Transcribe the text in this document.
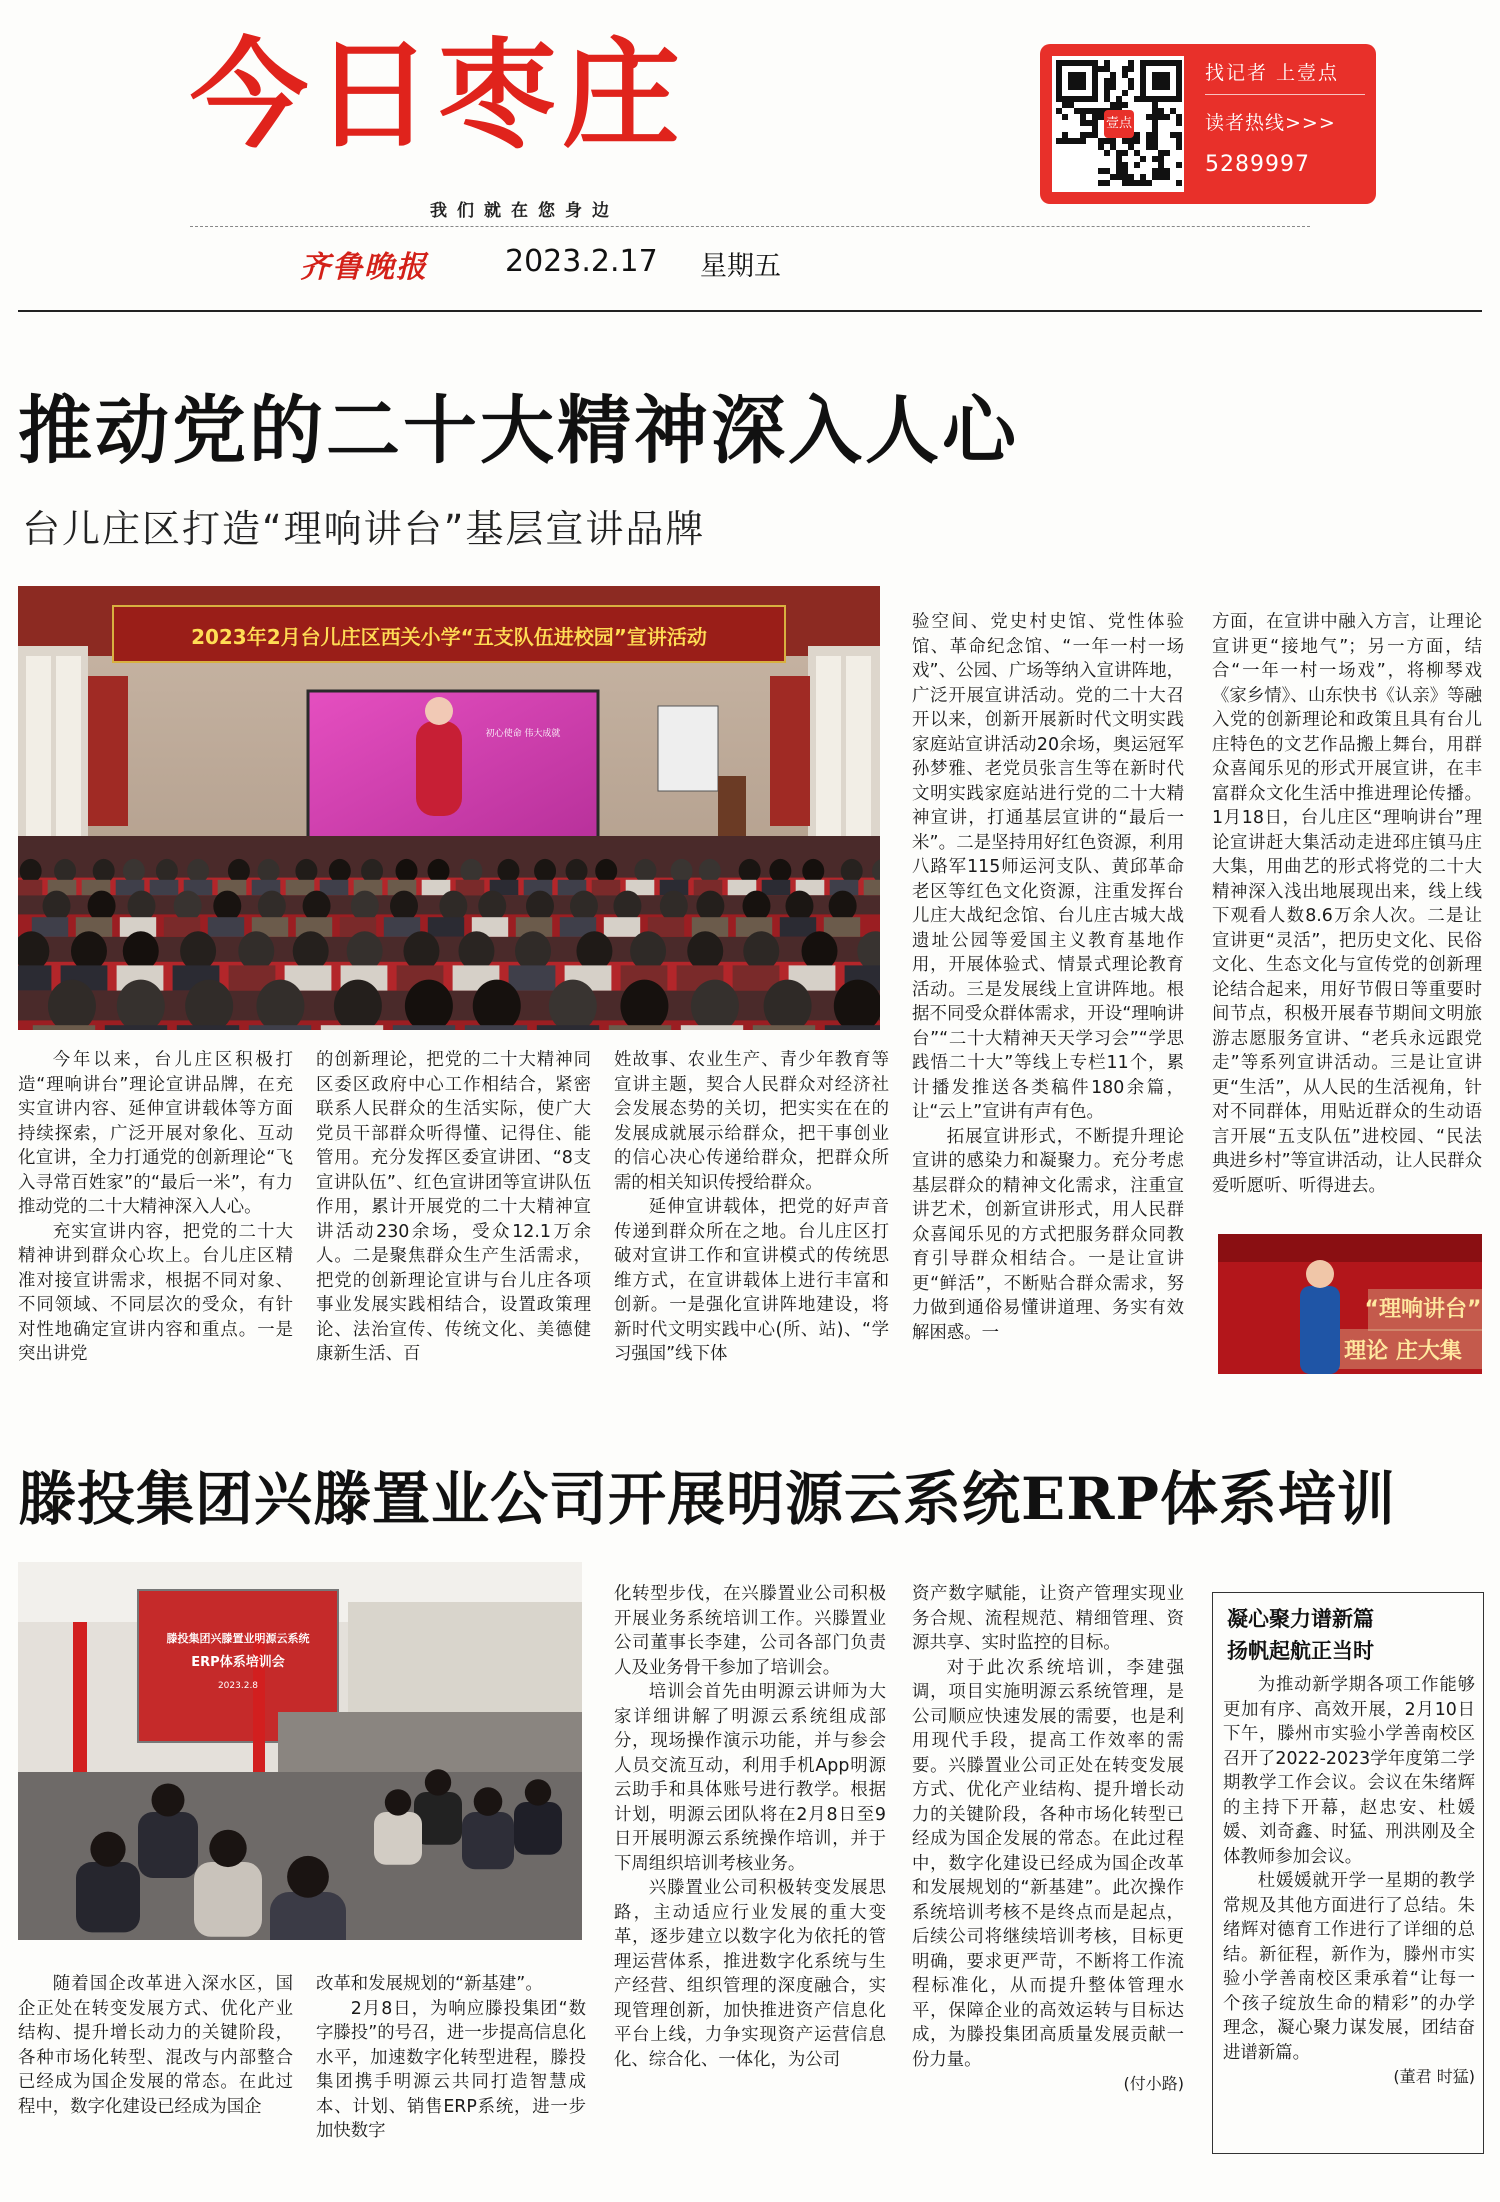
今日枣庄
我们就在您身边
齐鲁晚报	2023.2.17 星期五
壹点
找记者 上壹点
读者热线>>>
5289997
推动党的二十大精神深入人心
台儿庄区打造“理响讲台”基层宣讲品牌
2023年2月台儿庄区西关小学“五支队伍进校园”宣讲活动
初心使命 伟大成就

今年以来，台儿庄区积极打造“理响讲台”理论宣讲品牌，在充实宣讲内容、延伸宣讲载体等方面持续探索，广泛开展对象化、互动化宣讲，全力打通党的创新理论“飞入寻常百姓家”的“最后一米”，有力推动党的二十大精神深入人心。

充实宣讲内容，把党的二十大精神讲到群众心坎上。台儿庄区精准对接宣讲需求，根据不同对象、不同领域、不同层次的受众，有针对性地确定宣讲内容和重点。一是突出讲党

的创新理论，把党的二十大精神同区委区政府中心工作相结合，紧密联系人民群众的生活实际，使广大党员干部群众听得懂、记得住、能管用。充分发挥区委宣讲团、“8支宣讲队伍”、红色宣讲团等宣讲队伍作用，累计开展党的二十大精神宣讲活动230余场，受众12.1万余人。二是聚焦群众生产生活需求，把党的创新理论宣讲与台儿庄各项事业发展实践相结合，设置政策理论、法治宣传、传统文化、美德健康新生活、百

姓故事、农业生产、青少年教育等宣讲主题，契合人民群众对经济社会发展态势的关切，把实实在在的发展成就展示给群众，把干事创业的信心决心传递给群众，把群众所需的相关知识传授给群众。

延伸宣讲载体，把党的好声音传递到群众所在之地。台儿庄区打破对宣讲工作和宣讲模式的传统思维方式，在宣讲载体上进行丰富和创新。一是强化宣讲阵地建设，将新时代文明实践中心(所、站)、“学习强国”线下体

验空间、党史村史馆、党性体验馆、革命纪念馆、“一年一村一场戏”、公园、广场等纳入宣讲阵地，广泛开展宣讲活动。党的二十大召开以来，创新开展新时代文明实践家庭站宣讲活动20余场，奥运冠军孙梦雅、老党员张言生等在新时代文明实践家庭站进行党的二十大精神宣讲，打通基层宣讲的“最后一米”。二是坚持用好红色资源，利用八路军115师运河支队、黄邱革命老区等红色文化资源，注重发挥台儿庄大战纪念馆、台儿庄古城大战遗址公园等爱国主义教育基地作用，开展体验式、情景式理论教育活动。三是发展线上宣讲阵地。根据不同受众群体需求，开设“理响讲台”“二十大精神天天学习会”“学思践悟二十大”等线上专栏11个，累计播发推送各类稿件180余篇，让“云上”宣讲有声有色。

拓展宣讲形式，不断提升理论宣讲的感染力和凝聚力。充分考虑基层群众的精神文化需求，注重宣讲艺术，创新宣讲形式，用人民群众喜闻乐见的方式把服务群众同教育引导群众相结合。一是让宣讲更“鲜活”，不断贴合群众需求，努力做到通俗易懂讲道理、务实有效解困惑。一

方面，在宣讲中融入方言，让理论宣讲更“接地气”；另一方面，结合“一年一村一场戏”，将柳琴戏《家乡情》、山东快书《认亲》等融入党的创新理论和政策且具有台儿庄特色的文艺作品搬上舞台，用群众喜闻乐见的形式开展宣讲，在丰富群众文化生活中推进理论传播。1月18日，台儿庄区“理响讲台”理论宣讲赶大集活动走进邳庄镇马庄大集，用曲艺的形式将党的二十大精神深入浅出地展现出来，线上线下观看人数8.6万余人次。二是让宣讲更“灵活”，把历史文化、民俗文化、生态文化与宣传党的创新理论结合起来，用好节假日等重要时间节点，积极开展春节期间文明旅游志愿服务宣讲、“老兵永远跟党走”等系列宣讲活动。三是让宣讲更“生活”，从人民的生活视角，针对不同群体，用贴近群众的生动语言开展“五支队伍”进校园、“民法典进乡村”等宣讲活动，让人民群众爱听愿听、听得进去。

“理响讲台”
理论 庄大集
滕投集团兴滕置业公司开展明源云系统ERP体系培训
滕投集团兴滕置业明源云系统
ERP体系培训会
2023.2.8

随着国企改革进入深水区，国企正处在转变发展方式、优化产业结构、提升增长动力的关键阶段，各种市场化转型、混改与内部整合已经成为国企发展的常态。在此过程中，数字化建设已经成为国企

改革和发展规划的“新基建”。

2月8日，为响应滕投集团“数字滕投”的号召，进一步提高信息化水平，加速数字化转型进程，滕投集团携手明源云共同打造智慧成本、计划、销售ERP系统，进一步加快数字

化转型步伐，在兴滕置业公司积极开展业务系统培训工作。兴滕置业公司董事长李建，公司各部门负责人及业务骨干参加了培训会。

培训会首先由明源云讲师为大家详细讲解了明源云系统组成部分，现场操作演示功能，并与参会人员交流互动，利用手机App明源云助手和具体账号进行教学。根据计划，明源云团队将在2月8日至9日开展明源云系统操作培训，并于下周组织培训考核业务。

兴滕置业公司积极转变发展思路，主动适应行业发展的重大变革，逐步建立以数字化为依托的管理运营体系，推进数字化系统与生产经营、组织管理的深度融合，实现管理创新，加快推进资产信息化平台上线，力争实现资产运营信息化、综合化、一体化，为公司

资产数字赋能，让资产管理实现业务合规、流程规范、精细管理、资源共享、实时监控的目标。

对于此次系统培训，李建强调，项目实施明源云系统管理，是公司顺应快速发展的需要，也是利用现代手段，提高工作效率的需要。兴滕置业公司正处在转变发展方式、优化产业结构、提升增长动力的关键阶段，各种市场化转型已经成为国企发展的常态。在此过程中，数字化建设已经成为国企改革和发展规划的“新基建”。此次操作系统培训考核不是终点而是起点，后续公司将继续培训考核，目标更明确，要求更严苛，不断将工作流程标准化，从而提升整体管理水平，保障企业的高效运转与目标达成，为滕投集团高质量发展贡献一份力量。

(付小路)

凝心聚力谱新篇
扬帆起航正当时

为推动新学期各项工作能够更加有序、高效开展，2月10日下午，滕州市实验小学善南校区召开了2022-2023学年度第二学期教学工作会议。会议在朱绪辉的主持下开幕，赵忠安、杜媛媛、刘奇鑫、时猛、刑洪刚及全体教师参加会议。

杜媛媛就开学一星期的教学常规及其他方面进行了总结。朱绪辉对德育工作进行了详细的总结。新征程，新作为，滕州市实验小学善南校区秉承着“让每一个孩子绽放生命的精彩”的办学理念，凝心聚力谋发展，团结奋进谱新篇。

(董君 时猛)
